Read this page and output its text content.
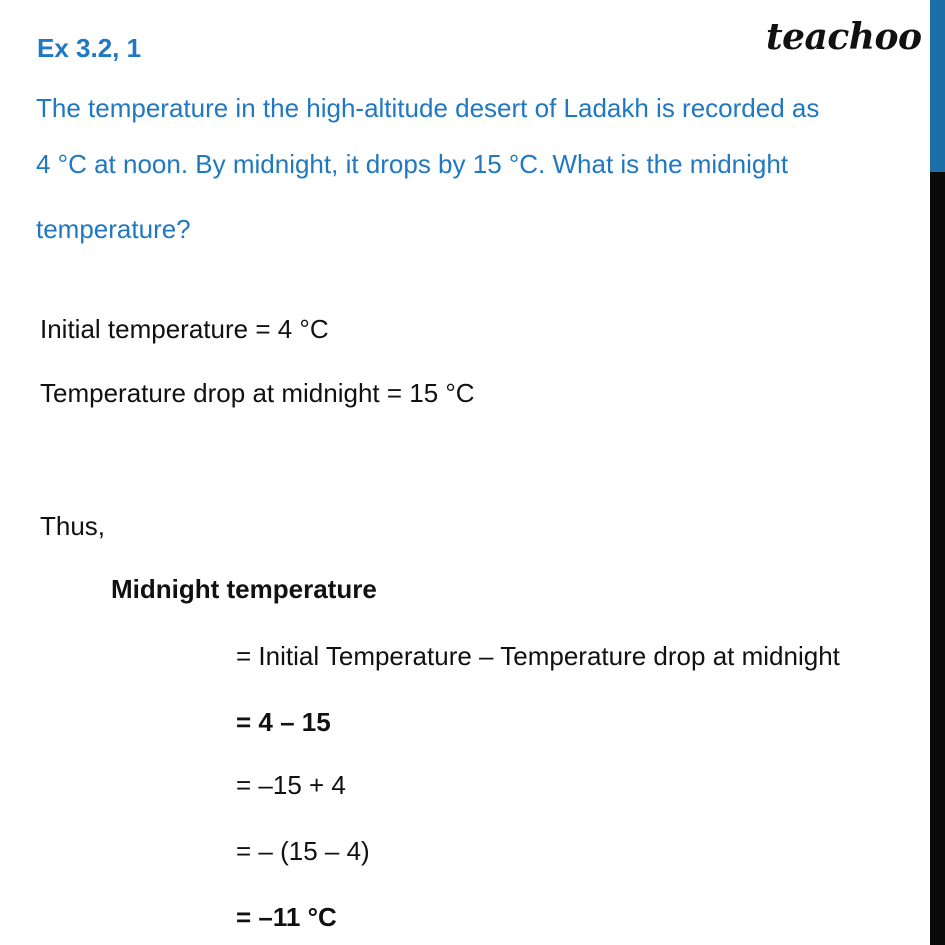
Ex 3.2, 1	teachoo
The temperature in the high-altitude desert of Ladakh is recorded as
4 °C at noon. By midnight, it drops by 15 °C. What is the midnight
temperature?
Initial temperature = 4 °C
Temperature drop at midnight = 15 °C
Thus,
Midnight temperature
= Initial Temperature – Temperature drop at midnight
= 4 – 15
= –15 + 4
= – (15 – 4)
= –11 °C
